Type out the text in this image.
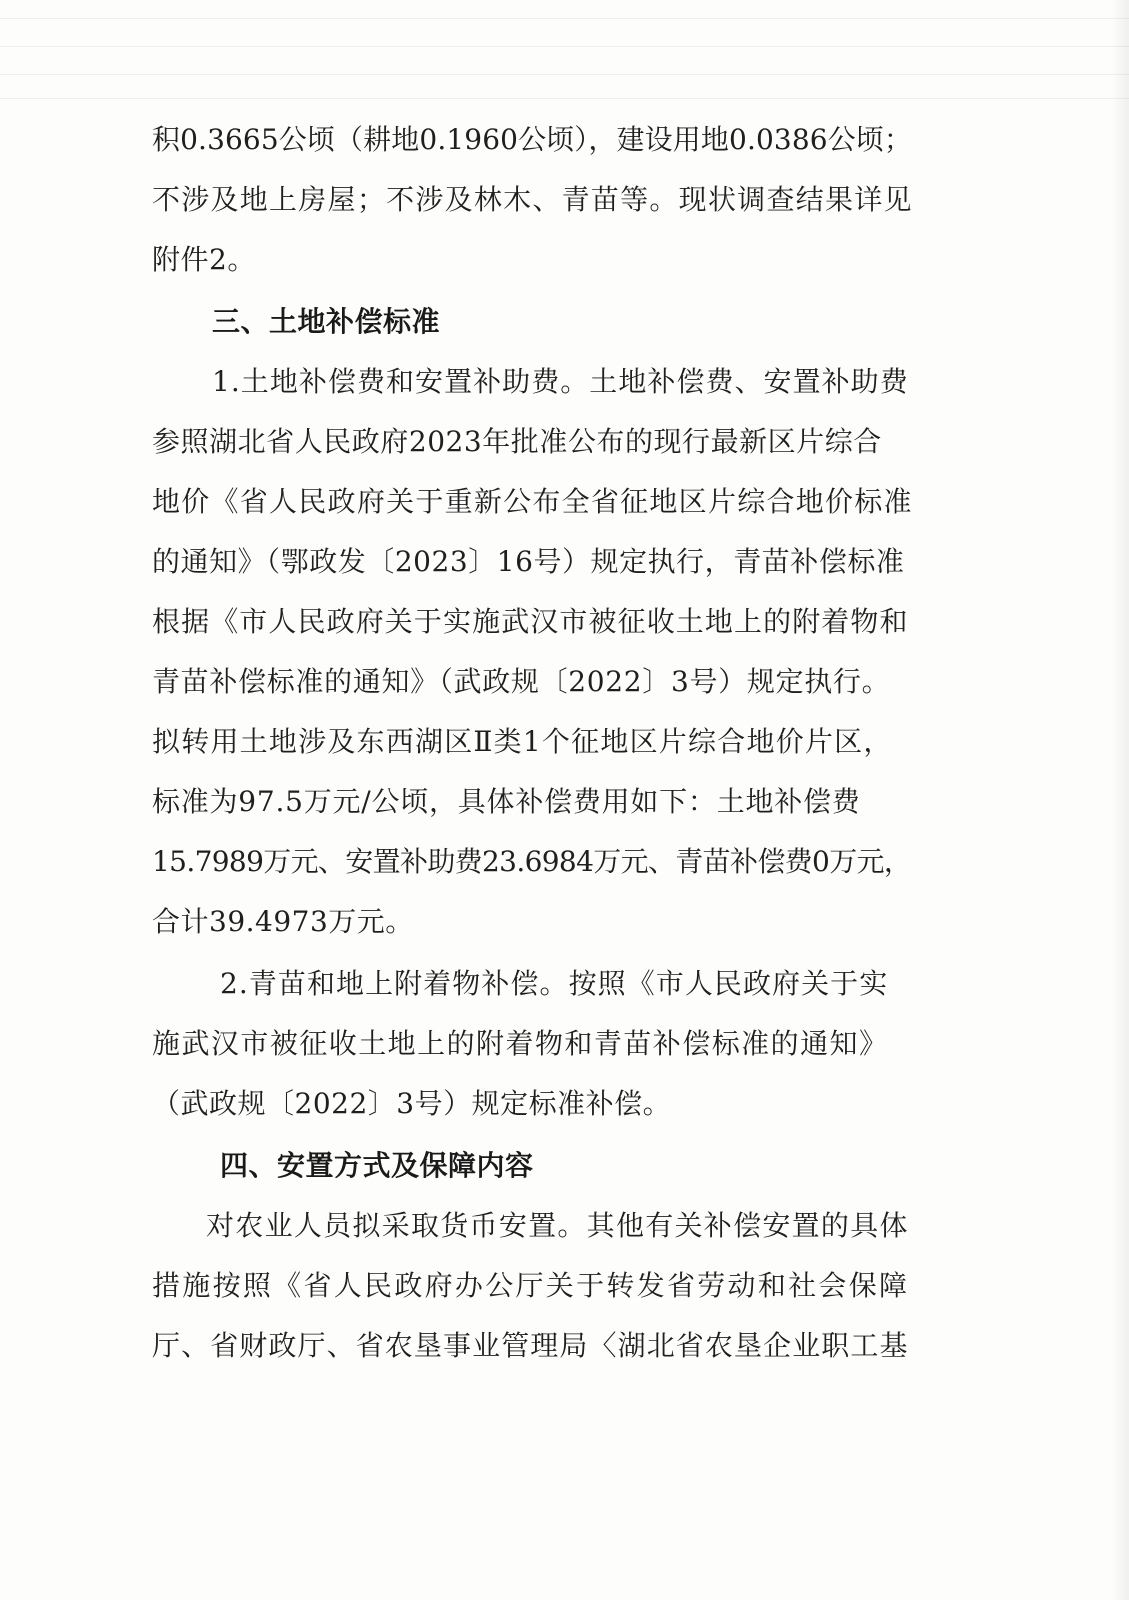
积0.3665公顷（耕地0.1960公顷），建设用地0.0386公顷；
不涉及地上房屋；不涉及林木、青苗等。现状调查结果详见
附件2。
三、土地补偿标准
1.土地补偿费和安置补助费。土地补偿费、安置补助费
参照湖北省人民政府2023年批准公布的现行最新区片综合
地价《省人民政府关于重新公布全省征地区片综合地价标准
的通知》（鄂政发〔2023〕16号）规定执行，青苗补偿标准
根据《市人民政府关于实施武汉市被征收土地上的附着物和
青苗补偿标准的通知》（武政规〔2022〕3号）规定执行。
拟转用土地涉及东西湖区Ⅱ类1个征地区片综合地价片区，
标准为97.5万元/公顷，具体补偿费用如下：土地补偿费
15.7989万元、安置补助费23.6984万元、青苗补偿费0万元，
合计39.4973万元。
2.青苗和地上附着物补偿。按照《市人民政府关于实
施武汉市被征收土地上的附着物和青苗补偿标准的通知》
（武政规〔2022〕3号）规定标准补偿。
四、安置方式及保障内容
对农业人员拟采取货币安置。其他有关补偿安置的具体
措施按照《省人民政府办公厅关于转发省劳动和社会保障
厅、省财政厅、省农垦事业管理局〈湖北省农垦企业职工基
